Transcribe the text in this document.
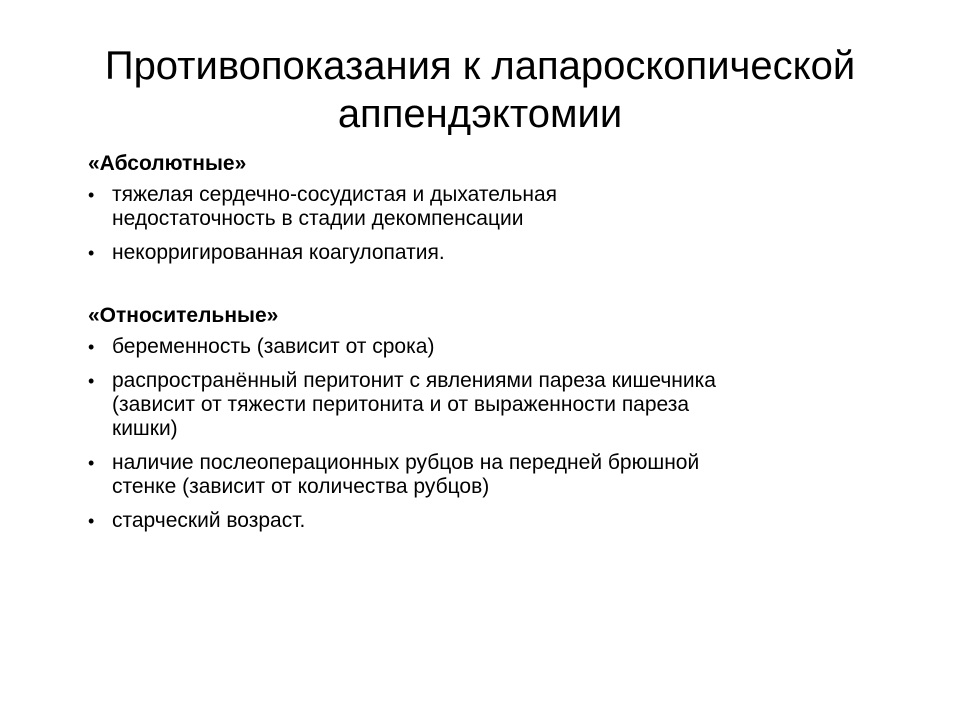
Противопоказания к лапароскопической
аппендэктомии
«Абсолютные»
• тяжелая сердечно-сосудистая и дыхательная
недостаточность в стадии декомпенсации
• некорригированная коагулопатия.
«Относительные»
• беременность (зависит от срока)
• распространённый перитонит с явлениями пареза кишечника
(зависит от тяжести перитонита и от выраженности пареза
кишки)
• наличие послеоперационных рубцов на передней брюшной
стенке (зависит от количества рубцов)
• старческий возраст.
